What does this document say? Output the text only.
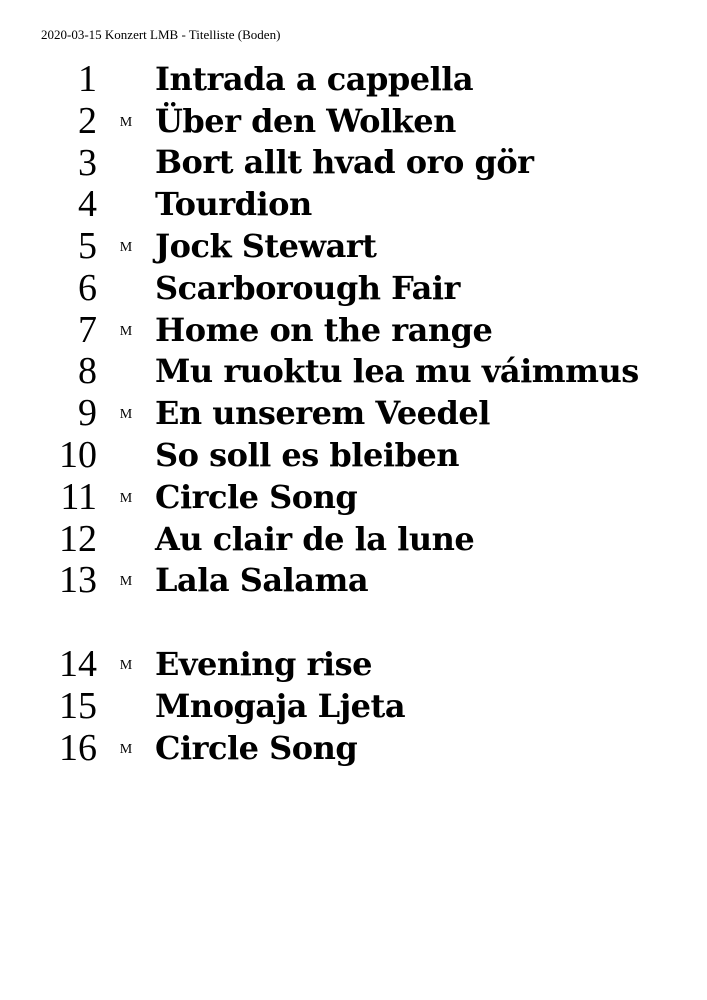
2020-03-15 Konzert LMB - Titelliste (Boden)
1 Intrada a cappella
2	M Über den Wolken
3 Bort allt hvad oro gör
4 Tourdion
5	M Jock Stewart
6 Scarborough Fair
7	M Home on the range
8 Mu ruoktu lea mu váimmus
9	M En unserem Veedel
10 So soll es bleiben
11	M Circle Song
12 Au clair de la lune
13	M Lala Salama
14	M Evening rise
15 Mnogaja Ljeta
16	M Circle Song
